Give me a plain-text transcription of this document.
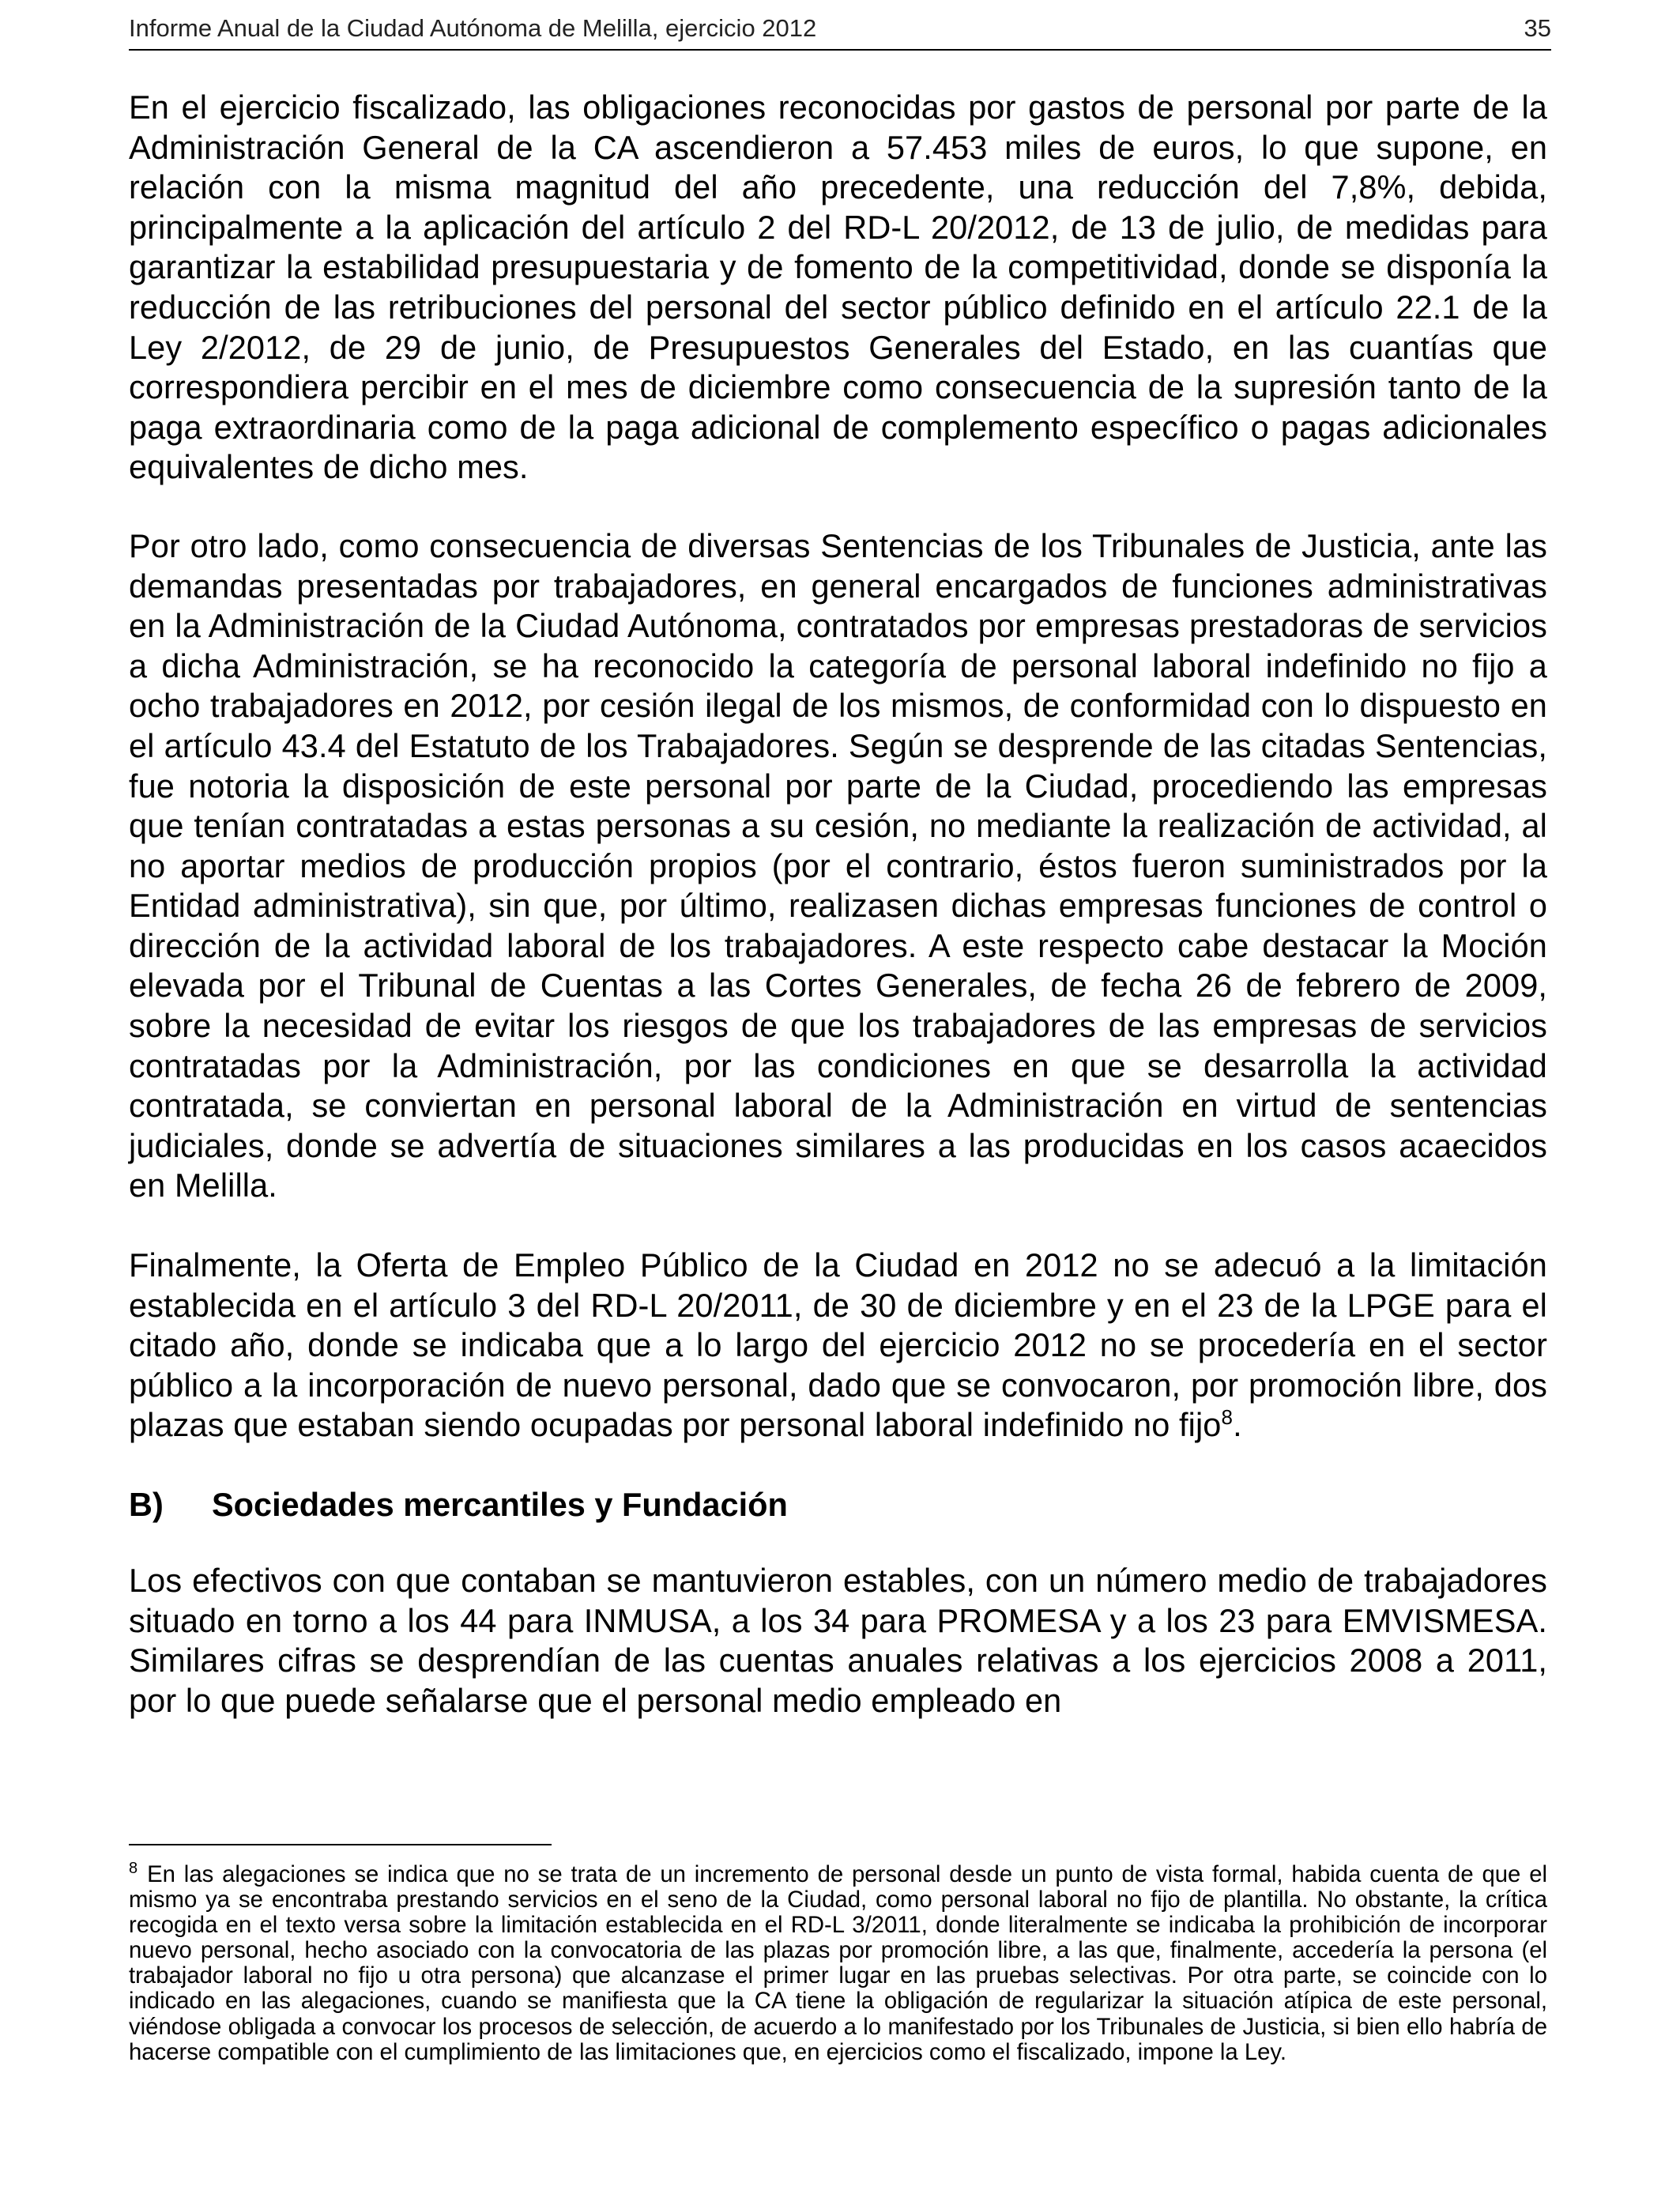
Informe Anual de la Ciudad Autónoma de Melilla, ejercicio 2012	35

En el ejercicio fiscalizado, las obligaciones reconocidas por gastos de personal por parte de la Administración General de la CA ascendieron a 57.453 miles de euros, lo que supone, en relación con la misma magnitud del año precedente, una reducción del 7,8%, debida, principalmente a la aplicación del artículo 2 del RD-L 20/2012, de 13 de julio, de medidas para garantizar la estabilidad presupuestaria y de fomento de la competitividad, donde se disponía la reducción de las retribuciones del personal del sector público definido en el artículo 22.1 de la Ley 2/2012, de 29 de junio, de Presupuestos Generales del Estado, en las cuantías que correspondiera percibir en el mes de diciembre como consecuencia de la supresión tanto de la paga extraordinaria como de la paga adicional de complemento específico o pagas adicionales equivalentes de dicho mes.

Por otro lado, como consecuencia de diversas Sentencias de los Tribunales de Justicia, ante las demandas presentadas por trabajadores, en general encargados de funciones administrativas en la Administración de la Ciudad Autónoma, contratados por empresas prestadoras de servicios a dicha Administración, se ha reconocido la categoría de personal laboral indefinido no fijo a ocho trabajadores en 2012, por cesión ilegal de los mismos, de conformidad con lo dispuesto en el artículo 43.4 del Estatuto de los Trabajadores. Según se desprende de las citadas Sentencias, fue notoria la disposición de este personal por parte de la Ciudad, procediendo las empresas que tenían contratadas a estas personas a su cesión, no mediante la realización de actividad, al no aportar medios de producción propios (por el contrario, éstos fueron suministrados por la Entidad administrativa), sin que, por último, realizasen dichas empresas funciones de control o dirección de la actividad laboral de los trabajadores. A este respecto cabe destacar la Moción elevada por el Tribunal de Cuentas a las Cortes Generales, de fecha 26 de febrero de 2009, sobre la necesidad de evitar los riesgos de que los trabajadores de las empresas de servicios contratadas por la Administración, por las condiciones en que se desarrolla la actividad contratada, se conviertan en personal laboral de la Administración en virtud de sentencias judiciales, donde se advertía de situaciones similares a las producidas en los casos acaecidos en Melilla.

Finalmente, la Oferta de Empleo Público de la Ciudad en 2012 no se adecuó a la limitación establecida en el artículo 3 del RD-L 20/2011, de 30 de diciembre y en el 23 de la LPGE para el citado año, donde se indicaba que a lo largo del ejercicio 2012 no se procedería en el sector público a la incorporación de nuevo personal, dado que se convocaron, por promoción libre, dos plazas que estaban siendo ocupadas por personal laboral indefinido no fijo$^8$.

B) Sociedades mercantiles y Fundación

Los efectivos con que contaban se mantuvieron estables, con un número medio de trabajadores situado en torno a los 44 para INMUSA, a los 34 para PROMESA y a los 23 para EMVISMESA. Similares cifras se desprendían de las cuentas anuales relativas a los ejercicios 2008 a 2011, por lo que puede señalarse que el personal medio empleado en

$^8$ En las alegaciones se indica que no se trata de un incremento de personal desde un punto de vista formal, habida cuenta de que el mismo ya se encontraba prestando servicios en el seno de la Ciudad, como personal laboral no fijo de plantilla. No obstante, la crítica recogida en el texto versa sobre la limitación establecida en el RD-L 3/2011, donde literalmente se indicaba la prohibición de incorporar nuevo personal, hecho asociado con la convocatoria de las plazas por promoción libre, a las que, finalmente, accedería la persona (el trabajador laboral no fijo u otra persona) que alcanzase el primer lugar en las pruebas selectivas. Por otra parte, se coincide con lo indicado en las alegaciones, cuando se manifiesta que la CA tiene la obligación de regularizar la situación atípica de este personal, viéndose obligada a convocar los procesos de selección, de acuerdo a lo manifestado por los Tribunales de Justicia, si bien ello habría de hacerse compatible con el cumplimiento de las limitaciones que, en ejercicios como el fiscalizado, impone la Ley.
